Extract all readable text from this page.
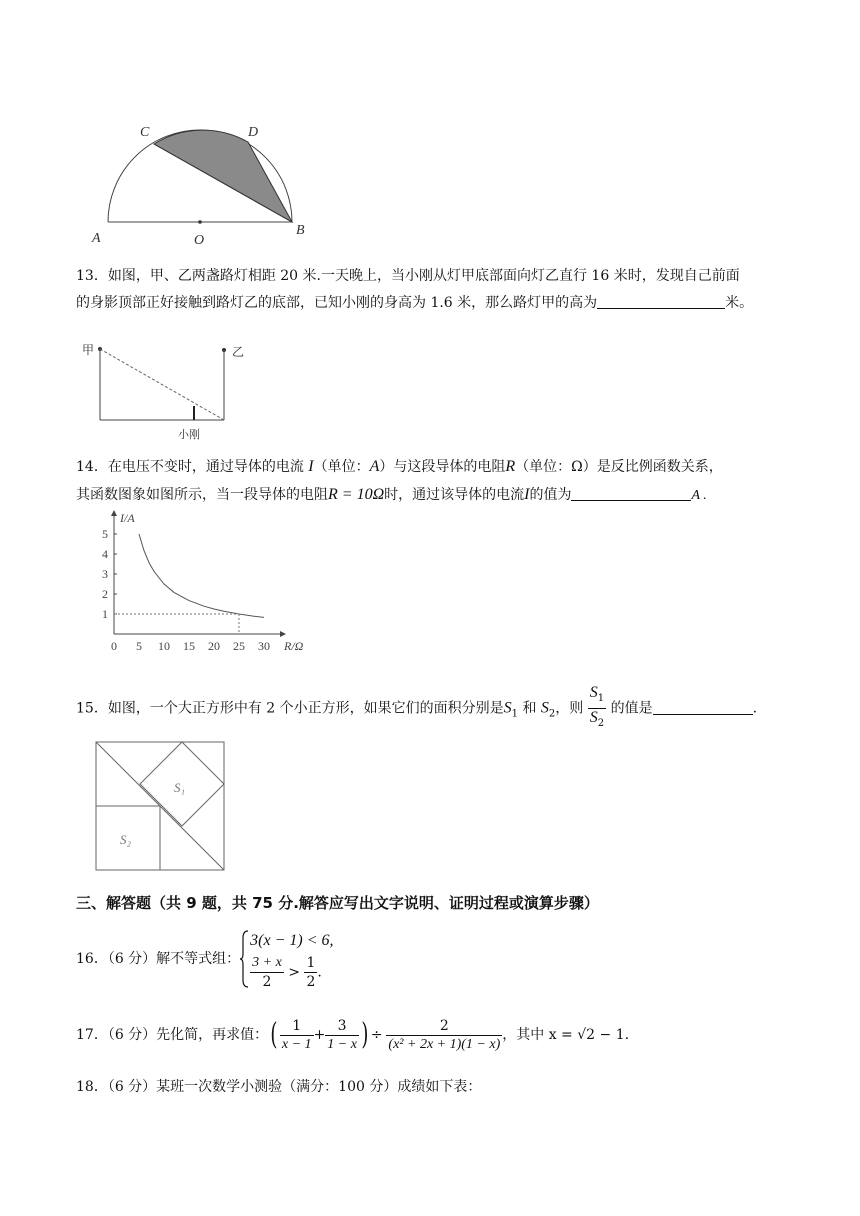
A	O
B
C	D
13．如图，甲、乙两盏路灯相距 20 米.一天晚上，当小刚从灯甲底部面向灯乙直行 16 米时，发现自己前面
的身影顶部正好接触到路灯乙的底部，已知小刚的身高为 1.6 米，那么路灯甲的高为	米。
甲	乙
小刚
14．在电压不变时，通过导体的电流 I（单位：A）与这段导体的电阻R（单位：Ω）是反比例函数关系，
其函数图象如图所示，当一段导体的电阻R = 10Ω时，通过该导体的电流I的值为	A .
I/A
R/Ω
0 5 10 15 20 25 30
1
2
3
4
5
15．如图，一个大正方形中有 2 个小正方形，如果它们的面积分别是$S_1$ 和 $S_2$，则 $\frac{S_1}{S_2}$ 的值是	.
S₁
S₂
三、解答题（共 9 题，共 75 分.解答应写出文字说明、证明过程或演算步骤）
16．（6 分）解不等式组：
3(x − 1) < 6,
$\frac{3 + x}{2} > \frac{1}{2}$ .
17．（6 分）先化简，再求值： ( $\frac{1}{x - 1} + \frac{3}{1 - x}$ ) ÷ $\frac{2}{\text{(x² + 2x + 1)(1 − x)}}$ ，其中 x = √2 − 1.
18．（6 分）某班一次数学小测验（满分：100 分）成绩如下表：
